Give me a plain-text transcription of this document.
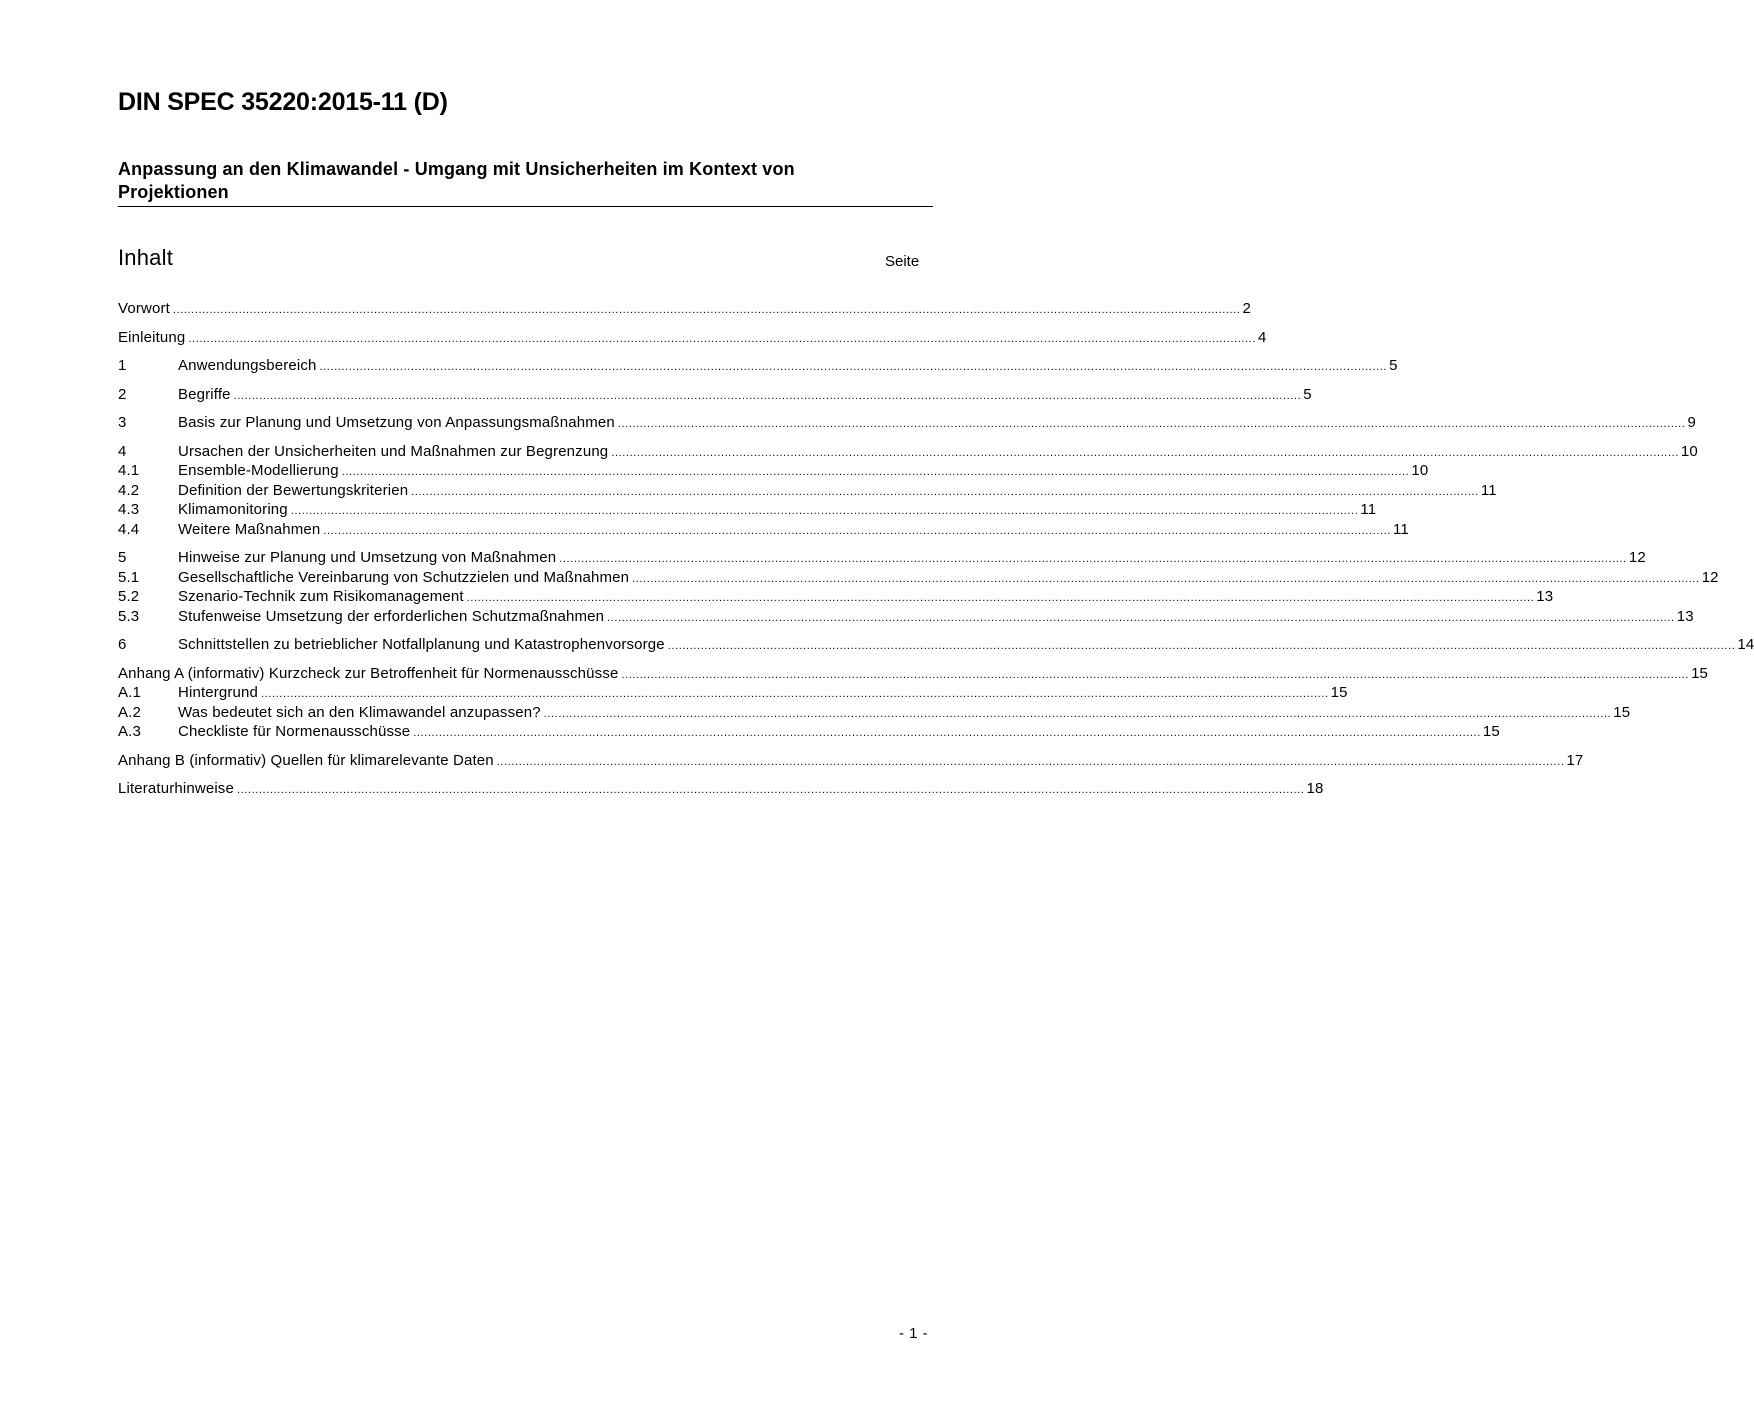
DIN SPEC 35220:2015-11 (D)
Anpassung an den Klimawandel - Umgang mit Unsicherheiten im Kontext von Projektionen
Inhalt	Seite
Vorwort .....	2
Einleitung .....	4
1	Anwendungsbereich .....	5
2	Begriffe .....	5
3	Basis zur Planung und Umsetzung von Anpassungsmaßnahmen .....	9
4	Ursachen der Unsicherheiten und Maßnahmen zur Begrenzung .....	10
4.1	Ensemble-Modellierung .....	10
4.2	Definition der Bewertungskriterien .....	11
4.3	Klimamonitoring .....	11
4.4	Weitere Maßnahmen .....	11
5	Hinweise zur Planung und Umsetzung von Maßnahmen .....	12
5.1	Gesellschaftliche Vereinbarung von Schutzzielen und Maßnahmen .....	12
5.2	Szenario-Technik zum Risikomanagement .....	13
5.3	Stufenweise Umsetzung der erforderlichen Schutzmaßnahmen .....	13
6	Schnittstellen zu betrieblicher Notfallplanung und Katastrophenvorsorge .....	14
Anhang A (informativ) Kurzcheck zur Betroffenheit für Normenausschüsse .....	15
A.1	Hintergrund .....	15
A.2	Was bedeutet sich an den Klimawandel anzupassen? .....	15
A.3	Checkliste für Normenausschüsse .....	15
Anhang B (informativ) Quellen für klimarelevante Daten .....	17
Literaturhinweise .....	18
- 1 -
